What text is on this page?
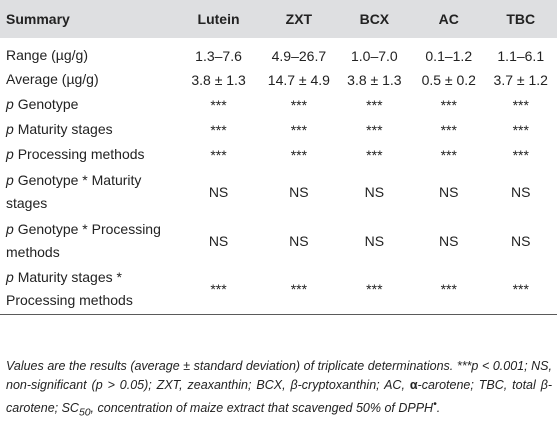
Summary	Lutein	ZXT	BCX	AC	TBC
Range (µg/g)	1.3–7.6	4.9–26.7	1.0–7.0	0.1–1.2	1.1–6.1
Average (µg/g)	3.8 ± 1.3	14.7 ± 4.9	3.8 ± 1.3	0.5 ± 0.2	3.7 ± 1.2
p Genotype	***	***	***	***	***
p Maturity stages	***	***	***	***	***
p Processing methods	***	***	***	***	***
p Genotype * Maturity stages	NS	NS	NS	NS	NS
p Genotype * Processing methods	NS	NS	NS	NS	NS
p Maturity stages * Processing methods	***	***	***	***	***

Values are the results (average ± standard deviation) of triplicate determinations. ***p < 0.001; NS, non-significant (p > 0.05); ZXT, zeaxanthin; BCX, β-cryptoxanthin; AC, α-carotene; TBC, total β-carotene; $SC_{50}$, concentration of maize extract that scavenged 50% of DPPH•.
